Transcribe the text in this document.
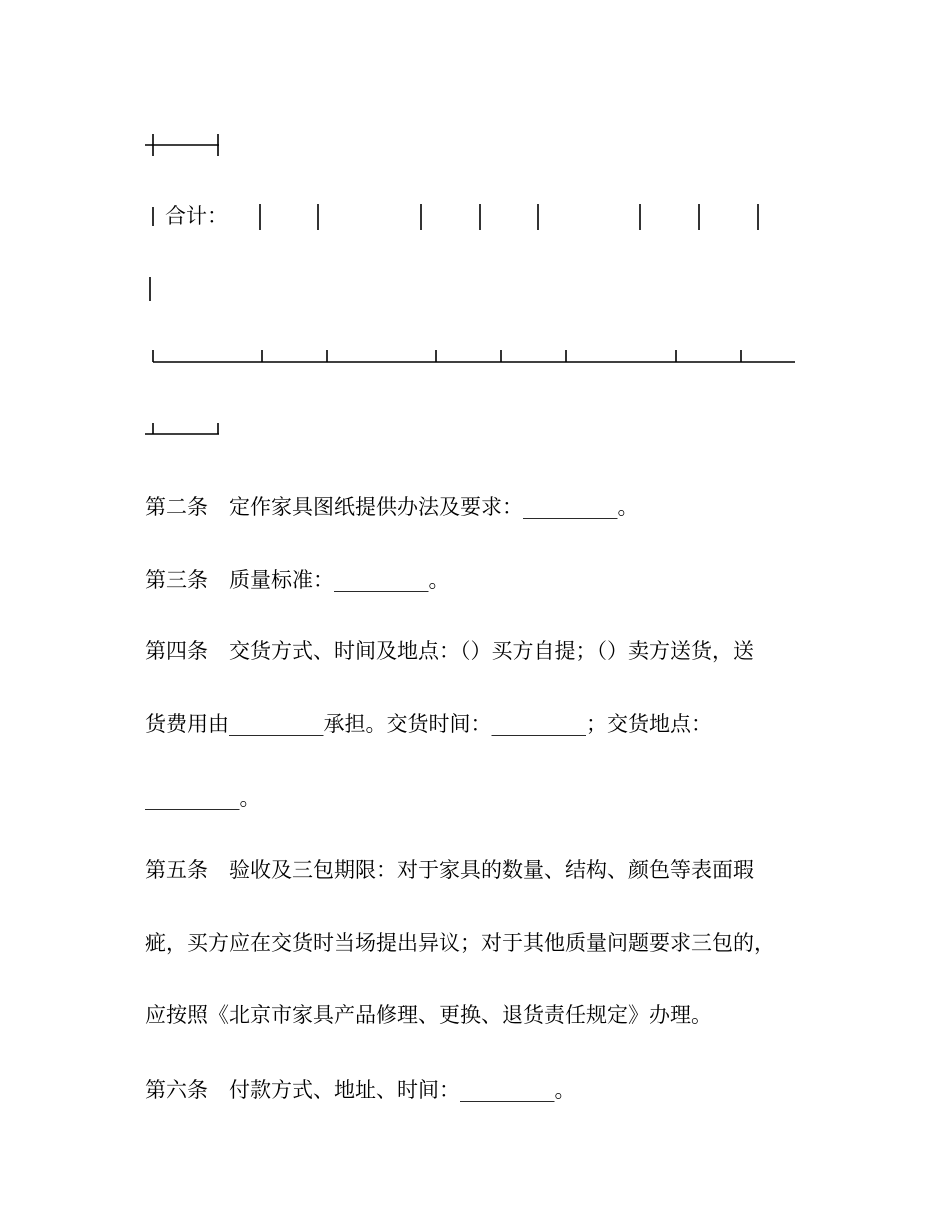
合计：
第二条　定作家具图纸提供办法及要求：_________。
第三条　质量标准：_________。
第四条　交货方式、时间及地点：（）买方自提；（）卖方送货，送
货费用由_________承担。交货时间：_________；交货地点：
_________。
第五条　验收及三包期限：对于家具的数量、结构、颜色等表面瑕
疵，买方应在交货时当场提出异议；对于其他质量问题要求三包的，
应按照《北京市家具产品修理、更换、退货责任规定》办理。
第六条　付款方式、地址、时间：_________。
